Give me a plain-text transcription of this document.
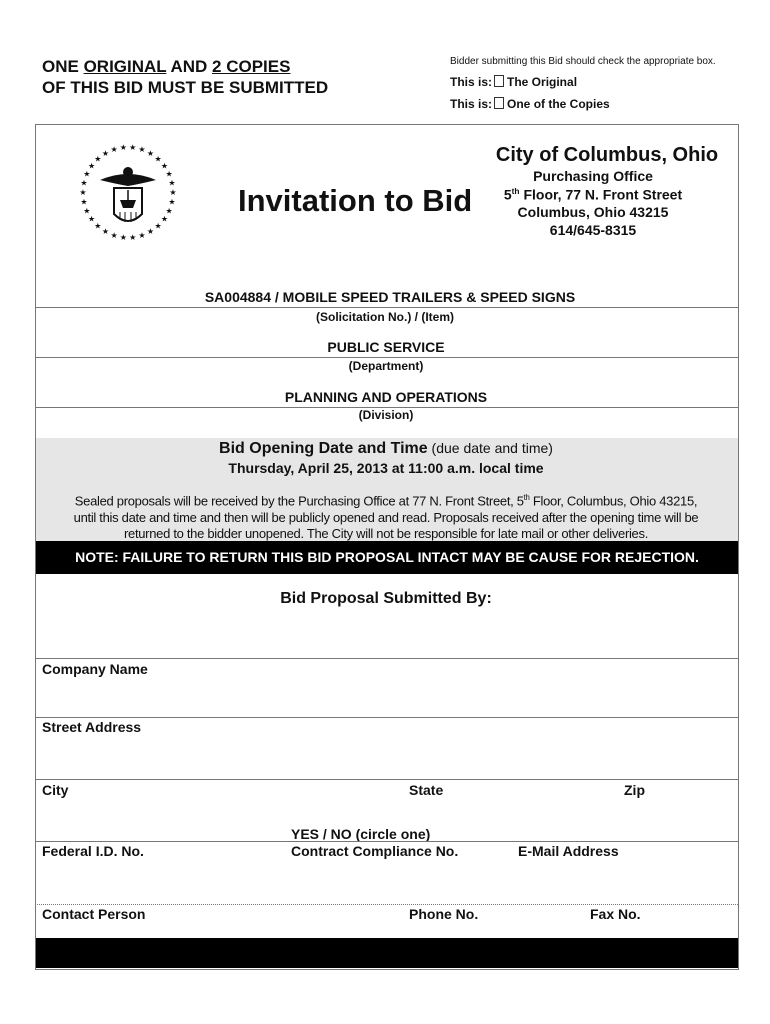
ONE ORIGINAL AND 2 COPIES
OF THIS BID MUST BE SUBMITTED
Bidder submitting this Bid should check the appropriate box.
This is: The Original
This is: One of the Copies
★
★
★
★
★
★
★
★
★
★
★
★
★
★
★
★
★
★
★
★
★ ★ ★ ★ ★ ★
★
★
★
★ Invitation to Bid
City of Columbus, Ohio
Purchasing Office
5th Floor, 77 N. Front Street
Columbus, Ohio 43215
614/645-8315
SA004884 / MOBILE SPEED TRAILERS & SPEED SIGNS
(Solicitation No.) / (Item)
PUBLIC SERVICE
(Department)
PLANNING AND OPERATIONS
(Division)
Bid Opening Date and Time (due date and time)
Thursday, April 25, 2013 at 11:00 a.m. local time
Sealed proposals will be received by the Purchasing Office at 77 N. Front Street, 5th Floor, Columbus, Ohio 43215,
until this date and time and then will be publicly opened and read. Proposals received after the opening time will be
returned to the bidder unopened. The City will not be responsible for late mail or other deliveries.
NOTE: FAILURE TO RETURN THIS BID PROPOSAL INTACT MAY BE CAUSE FOR REJECTION.
Bid Proposal Submitted By:
Company Name
Street Address
City	State	Zip
YES / NO (circle one)
Federal I.D. No.	Contract Compliance No.	E-Mail Address
Contact Person	Phone No.	Fax No.
